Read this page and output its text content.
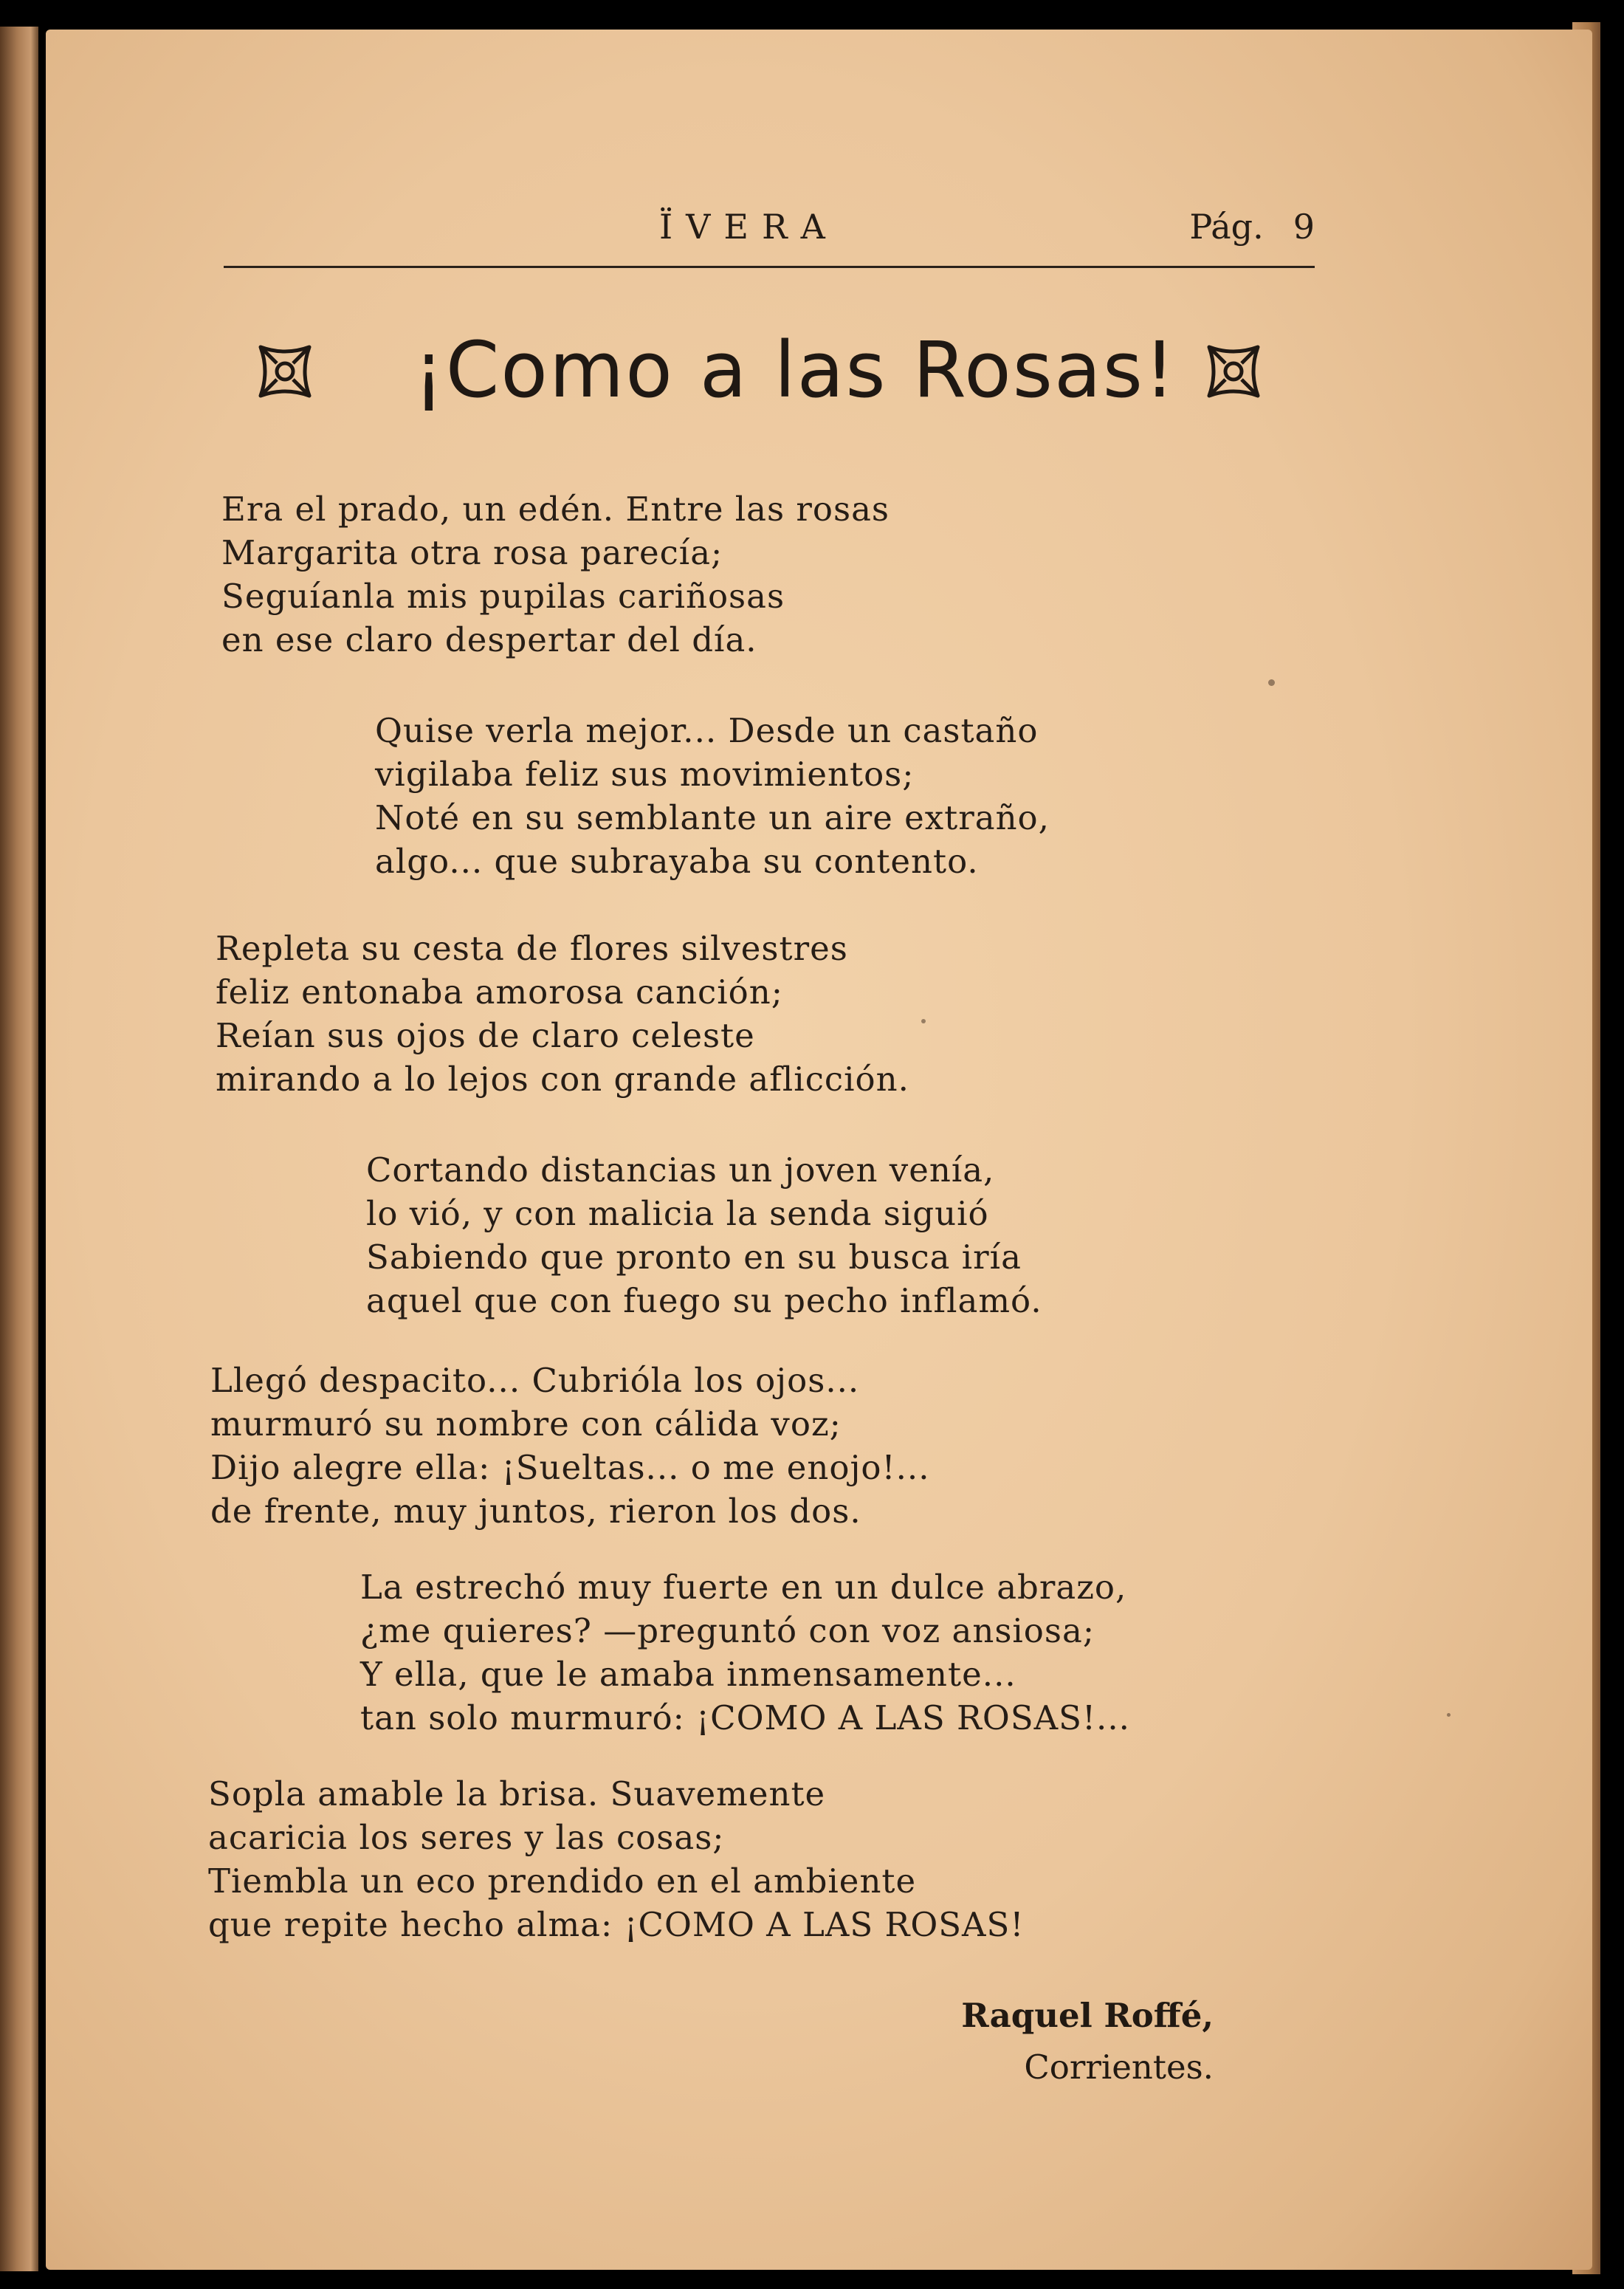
ÏVERA	Pág. 9
¡Como a las Rosas!
Era el prado, un edén. Entre las rosas
Margarita otra rosa parecía;
Seguíanla mis pupilas cariñosas
en ese claro despertar del día.
Quise verla mejor... Desde un castaño
vigilaba feliz sus movimientos;
Noté en su semblante un aire extraño,
algo... que subrayaba su contento.
Repleta su cesta de flores silvestres
feliz entonaba amorosa canción;
Reían sus ojos de claro celeste
mirando a lo lejos con grande aflicción.
Cortando distancias un joven venía,
lo vió, y con malicia la senda siguió
Sabiendo que pronto en su busca iría
aquel que con fuego su pecho inflamó.
Llegó despacito... Cubrióla los ojos...
murmuró su nombre con cálida voz;
Dijo alegre ella: ¡Sueltas... o me enojo!...
de frente, muy juntos, rieron los dos.
La estrechó muy fuerte en un dulce abrazo,
¿me quieres? —preguntó con voz ansiosa;
Y ella, que le amaba inmensamente...
tan solo murmuró: ¡COMO A LAS ROSAS!...
Sopla amable la brisa. Suavemente
acaricia los seres y las cosas;
Tiembla un eco prendido en el ambiente
que repite hecho alma: ¡COMO A LAS ROSAS!
Raquel Roffé,
Corrientes.
